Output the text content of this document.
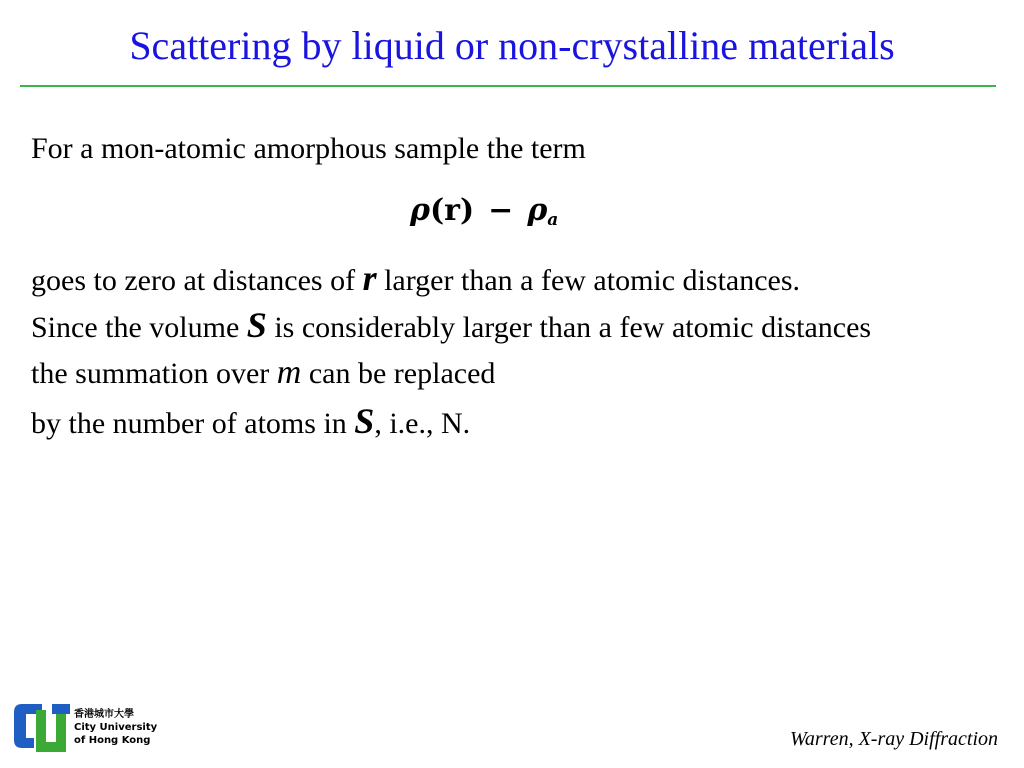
Scattering by liquid or non-crystalline materials
For a mon-atomic amorphous sample the term
$\rho(r) - \rho_a$
goes to zero at distances of r larger than a few atomic distances.
Since the volume S is considerably larger than a few atomic distances
the summation over m can be replaced
by the number of atoms in S, i.e., N.
香港城市大學
City University
of Hong Kong	Warren, X-ray Diffraction
